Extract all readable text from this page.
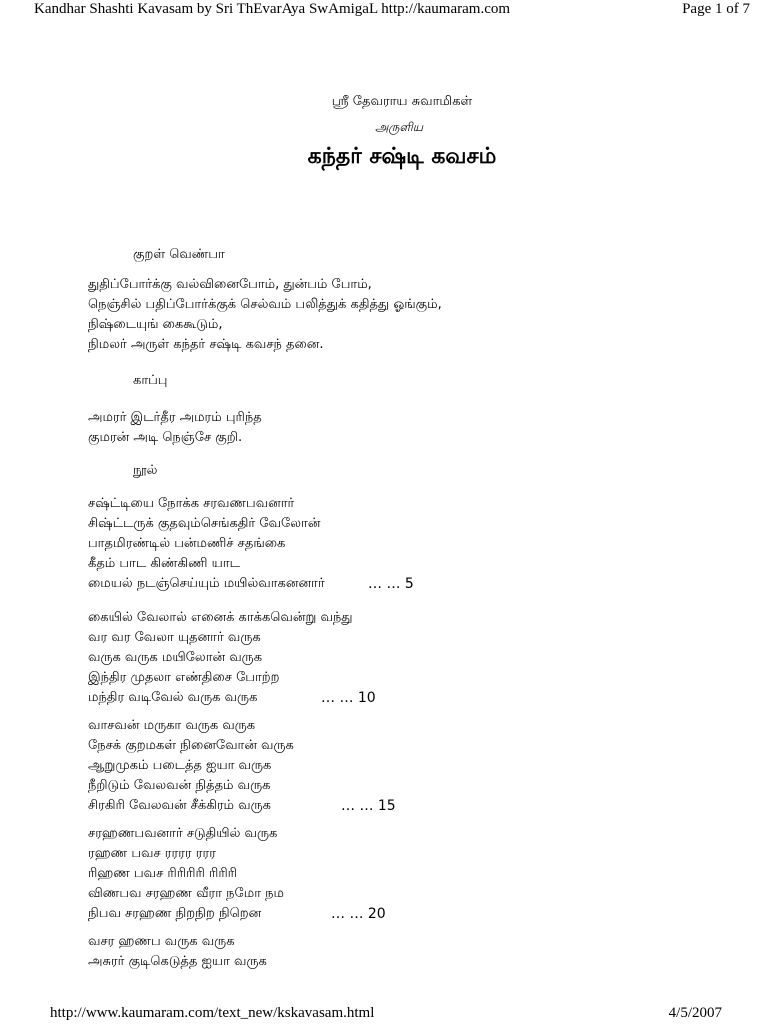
Kandhar Shashti Kavasam by Sri ThEvarAya SwAmigaL http://kaumaram.com	Page 1 of 7
ஸ்ரீ தேவராய சுவாமிகள்
அருளிய
கந்தர் சஷ்டி கவசம்
குறள் வெண்பா
துதிப்போர்க்கு வல்வினைபோம், துன்பம் போம்,
நெஞ்சில் பதிப்போர்க்குக் செல்வம் பலித்துக் கதித்து ஓங்கும்,
நிஷ்டையுங் கைகூடும்,
நிமலர் அருள் கந்தர் சஷ்டி கவசந் தனை.
காப்பு
அமரர் இடர்தீர அமரம் புரிந்த
குமரன் அடி நெஞ்சே குறி.
நூல்
சஷ்ட்டியை நோக்க சரவணபவனார்
சிஷ்ட்டருக் குதவும்செங்கதிர் வேலோன்
பாதமிரண்டில் பன்மணிச் சதங்கை
கீதம் பாட கிண்கிணி யாட
மையல் நடஞ்செய்யும் மயில்வாகனனார்	… … 5
கையில் வேலால் எனைக் காக்கவென்று வந்து
வர வர வேலா யுதனார் வருக
வருக வருக மயிலோன் வருக
இந்திர முதலா எண்திசை போற்ற
மந்திர வடிவேல் வருக வருக	… … 10
வாசவன் மருகா வருக வருக
நேசக் குறமகள் நினைவோன் வருக
ஆறுமுகம் படைத்த ஐயா வருக
நீறிடும் வேலவன் நித்தம் வருக
சிரகிரி வேலவன் சீக்கிரம் வருக	… … 15
சரஹணபவனார் சடுதியில் வருக
ரஹண பவச ரரரர ரரர
ரிஹண பவச ரிரிரிரி ரிரிரி
விணபவ சரஹண வீரா நமோ நம
நிபவ சரஹண நிறநிற நிறென	… … 20
வசர ஹணப வருக வருக
அசுரர் குடிகெடுத்த ஐயா வருக
http://www.kaumaram.com/text_new/kskavasam.html	4/5/2007
